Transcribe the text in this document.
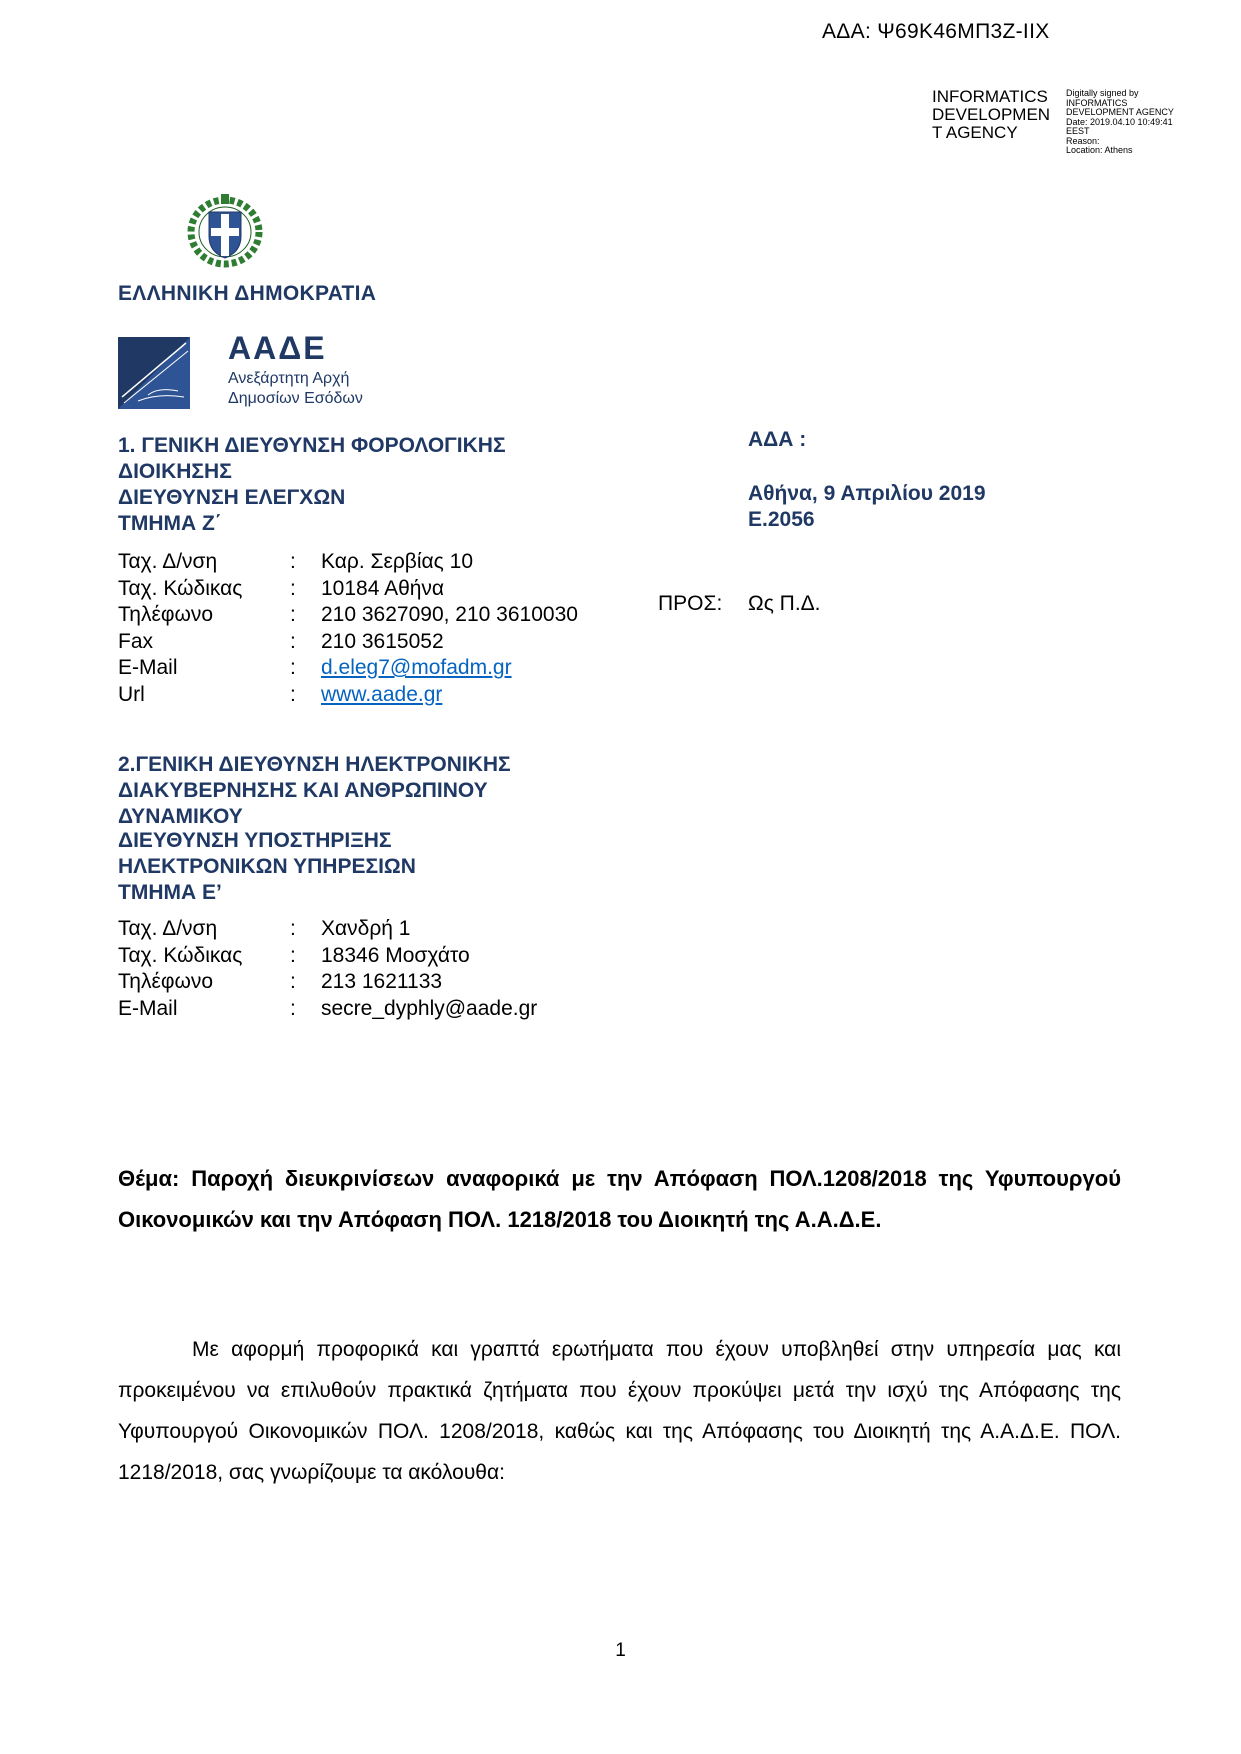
ΑΔΑ: Ψ69Κ46ΜΠ3Ζ-ΙΙΧ
INFORMATICS DEVELOPMEN T AGENCY
Digitally signed by
INFORMATICS
DEVELOPMENT AGENCY
Date: 2019.04.10 10:49:41
EEST
Reason:
Location: Athens
ΕΛΛΗΝΙΚΗ ΔΗΜΟΚΡΑΤΙΑ
ΑΑΔΕ
Ανεξάρτητη Αρχή
Δημοσίων Εσόδων
1. ΓΕΝΙΚΗ ΔΙΕΥΘΥΝΣΗ ΦΟΡΟΛΟΓΙΚΗΣ
ΔΙΟΙΚΗΣΗΣ
ΔΙΕΥΘΥΝΣΗ ΕΛΕΓΧΩΝ
ΤΜΗΜΑ Ζ΄
Ταχ. Δ/νση	:	Καρ. Σερβίας 10
Ταχ. Κώδικας	:	10184 Αθήνα
Τηλέφωνο	:	210 3627090, 210 3610030
Fax	:	210 3615052
E-Mail	:	d.eleg7@mofadm.gr
Url	:	www.aade.gr
ΑΔΑ :
Αθήνα, 9 Απριλίου 2019
Ε.2056
ΠΡΟΣ: Ως Π.Δ.
2.ΓΕΝΙΚΗ ΔΙΕΥΘΥΝΣΗ ΗΛΕΚΤΡΟΝΙΚΗΣ
ΔΙΑΚΥΒΕΡΝΗΣΗΣ ΚΑΙ ΑΝΘΡΩΠΙΝΟΥ
ΔΥΝΑΜΙΚΟΥ
ΔΙΕΥΘΥΝΣΗ ΥΠΟΣΤΗΡΙΞΗΣ
ΗΛΕΚΤΡΟΝΙΚΩΝ ΥΠΗΡΕΣΙΩΝ
ΤΜΗΜΑ Ε’
Ταχ. Δ/νση	:	Χανδρή 1
Ταχ. Κώδικας	:	18346 Μοσχάτο
Τηλέφωνο	:	213 1621133
E-Mail	:	secre_dyphly@aade.gr
Θέμα: Παροχή διευκρινίσεων αναφορικά με την Απόφαση ΠΟΛ.1208/2018 της Υφυπουργού Οικονομικών και την Απόφαση ΠΟΛ. 1218/2018 του Διοικητή της Α.Α.Δ.Ε.
Με αφορμή προφορικά και γραπτά ερωτήματα που έχουν υποβληθεί στην υπηρεσία μας και προκειμένου να επιλυθούν πρακτικά ζητήματα που έχουν προκύψει μετά την ισχύ της Απόφασης της Υφυπουργού Οικονομικών ΠΟΛ. 1208/2018, καθώς και της Απόφασης του Διοικητή της Α.Α.Δ.Ε. ΠΟΛ. 1218/2018, σας γνωρίζουμε τα ακόλουθα:
1
